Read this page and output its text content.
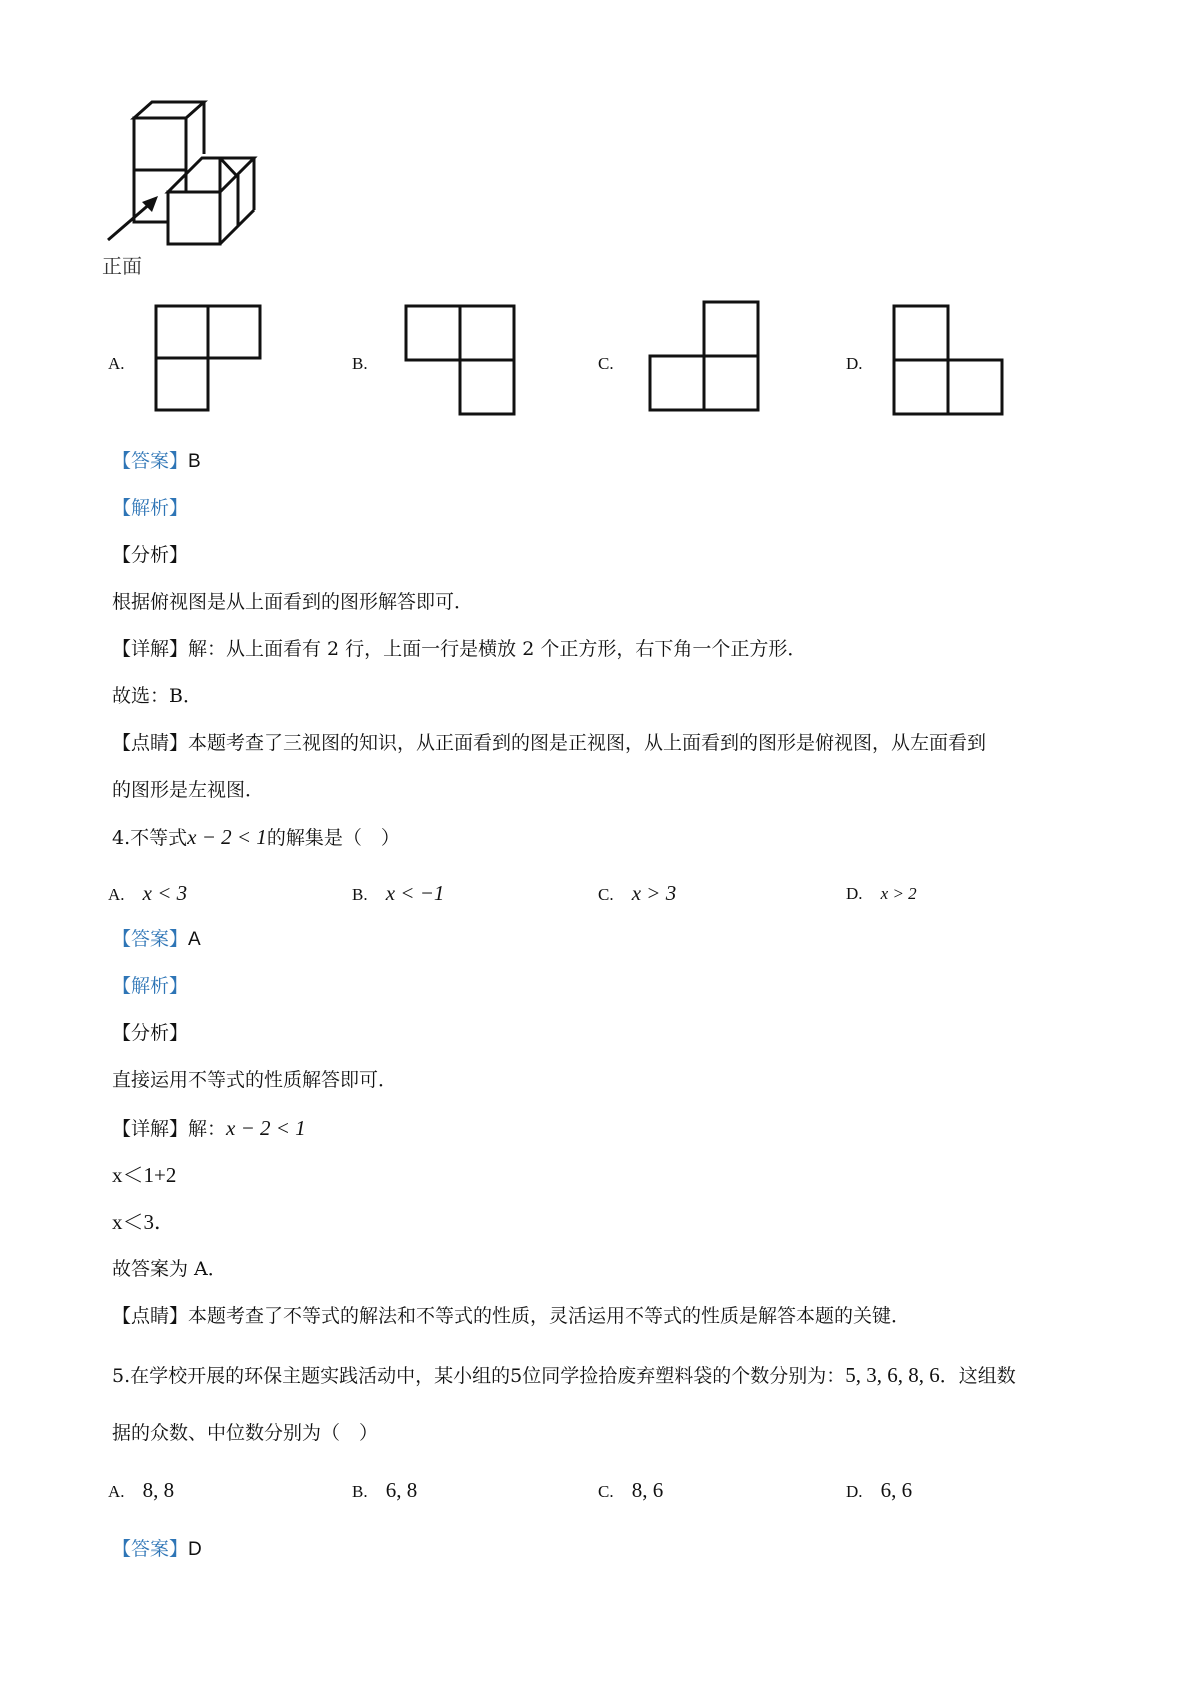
正面
A.	B.	C.	D.
【答案】B
【解析】
【分析】
根据俯视图是从上面看到的图形解答即可．
【详解】解：从上面看有 2 行，上面一行是横放 2 个正方形，右下角一个正方形．
故选：B．
【点睛】本题考查了三视图的知识，从正面看到的图是正视图，从上面看到的图形是俯视图，从左面看到
的图形是左视图．
4.不等式x − 2 < 1的解集是（　）
A. x < 3	B. x < −1	C. x > 3	D. x > 2
【答案】A
【解析】
【分析】
直接运用不等式的性质解答即可．
【详解】解：x − 2 < 1
x＜1+2
x＜3．
故答案为 A．
【点睛】本题考查了不等式的解法和不等式的性质，灵活运用不等式的性质是解答本题的关键．
5.在学校开展的环保主题实践活动中，某小组的5位同学捡拾废弃塑料袋的个数分别为：5, 3, 6, 8, 6．这组数
据的众数、中位数分别为（　）
A. 8, 8	B. 6, 8	C. 8, 6	D. 6, 6
【答案】D
